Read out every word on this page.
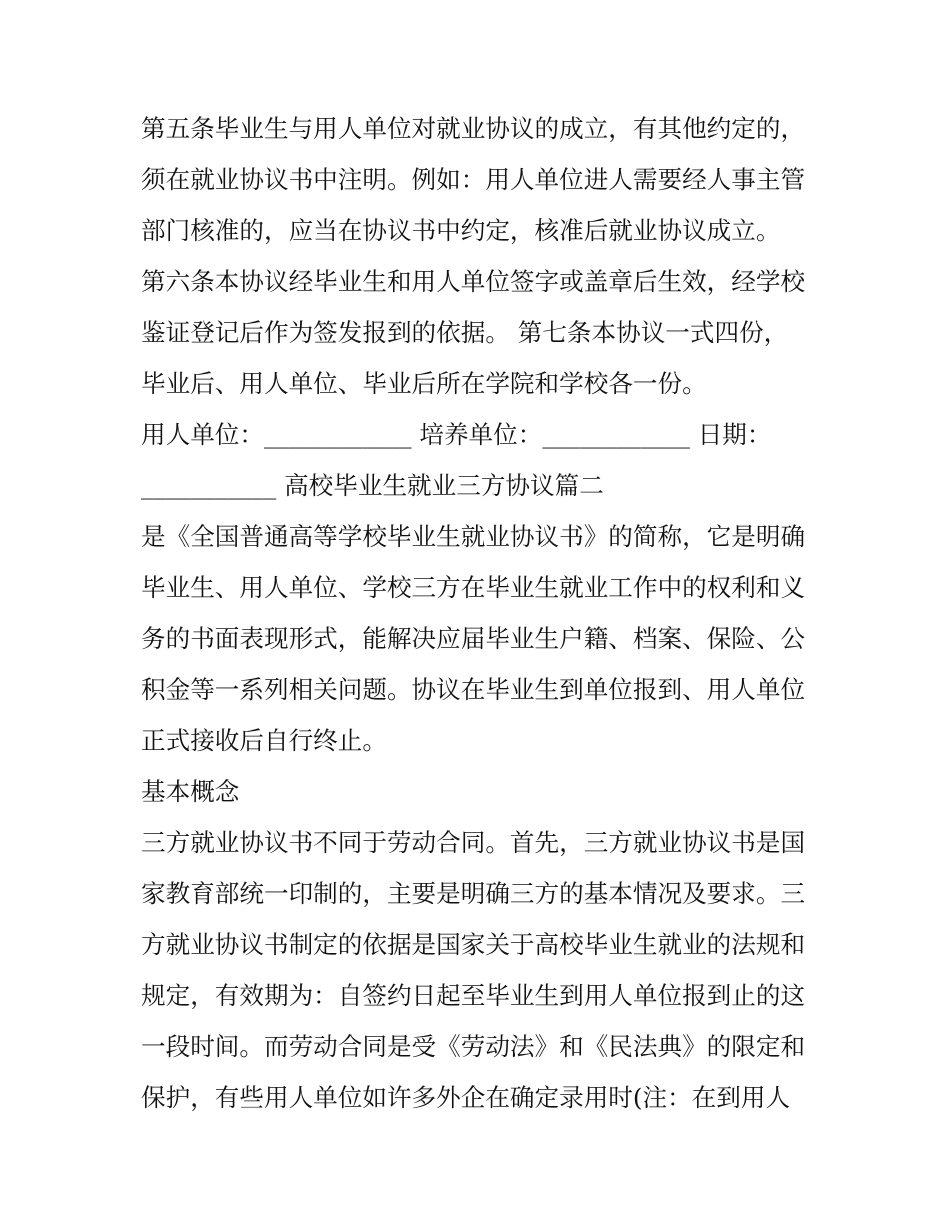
第五条毕业生与用人单位对就业协议的成立，有其他约定的，
须在就业协议书中注明。例如：用人单位进人需要经人事主管
部门核准的，应当在协议书中约定，核准后就业协议成立。
第六条本协议经毕业生和用人单位签字或盖章后生效，经学校
鉴证登记后作为签发报到的依据。 第七条本协议一式四份，
毕业后、用人单位、毕业后所在学院和学校各一份。
用人单位：____________ 培养单位：____________ 日期：
___________ 高校毕业生就业三方协议篇二
是《全国普通高等学校毕业生就业协议书》的简称，它是明确
毕业生、用人单位、学校三方在毕业生就业工作中的权利和义
务的书面表现形式，能解决应届毕业生户籍、档案、保险、公
积金等一系列相关问题。协议在毕业生到单位报到、用人单位
正式接收后自行终止。
基本概念
三方就业协议书不同于劳动合同。首先，三方就业协议书是国
家教育部统一印制的，主要是明确三方的基本情况及要求。三
方就业协议书制定的依据是国家关于高校毕业生就业的法规和
规定，有效期为：自签约日起至毕业生到用人单位报到止的这
一段时间。而劳动合同是受《劳动法》和《民法典》的限定和
保护，有些用人单位如许多外企在确定录用时(注：在到用人
